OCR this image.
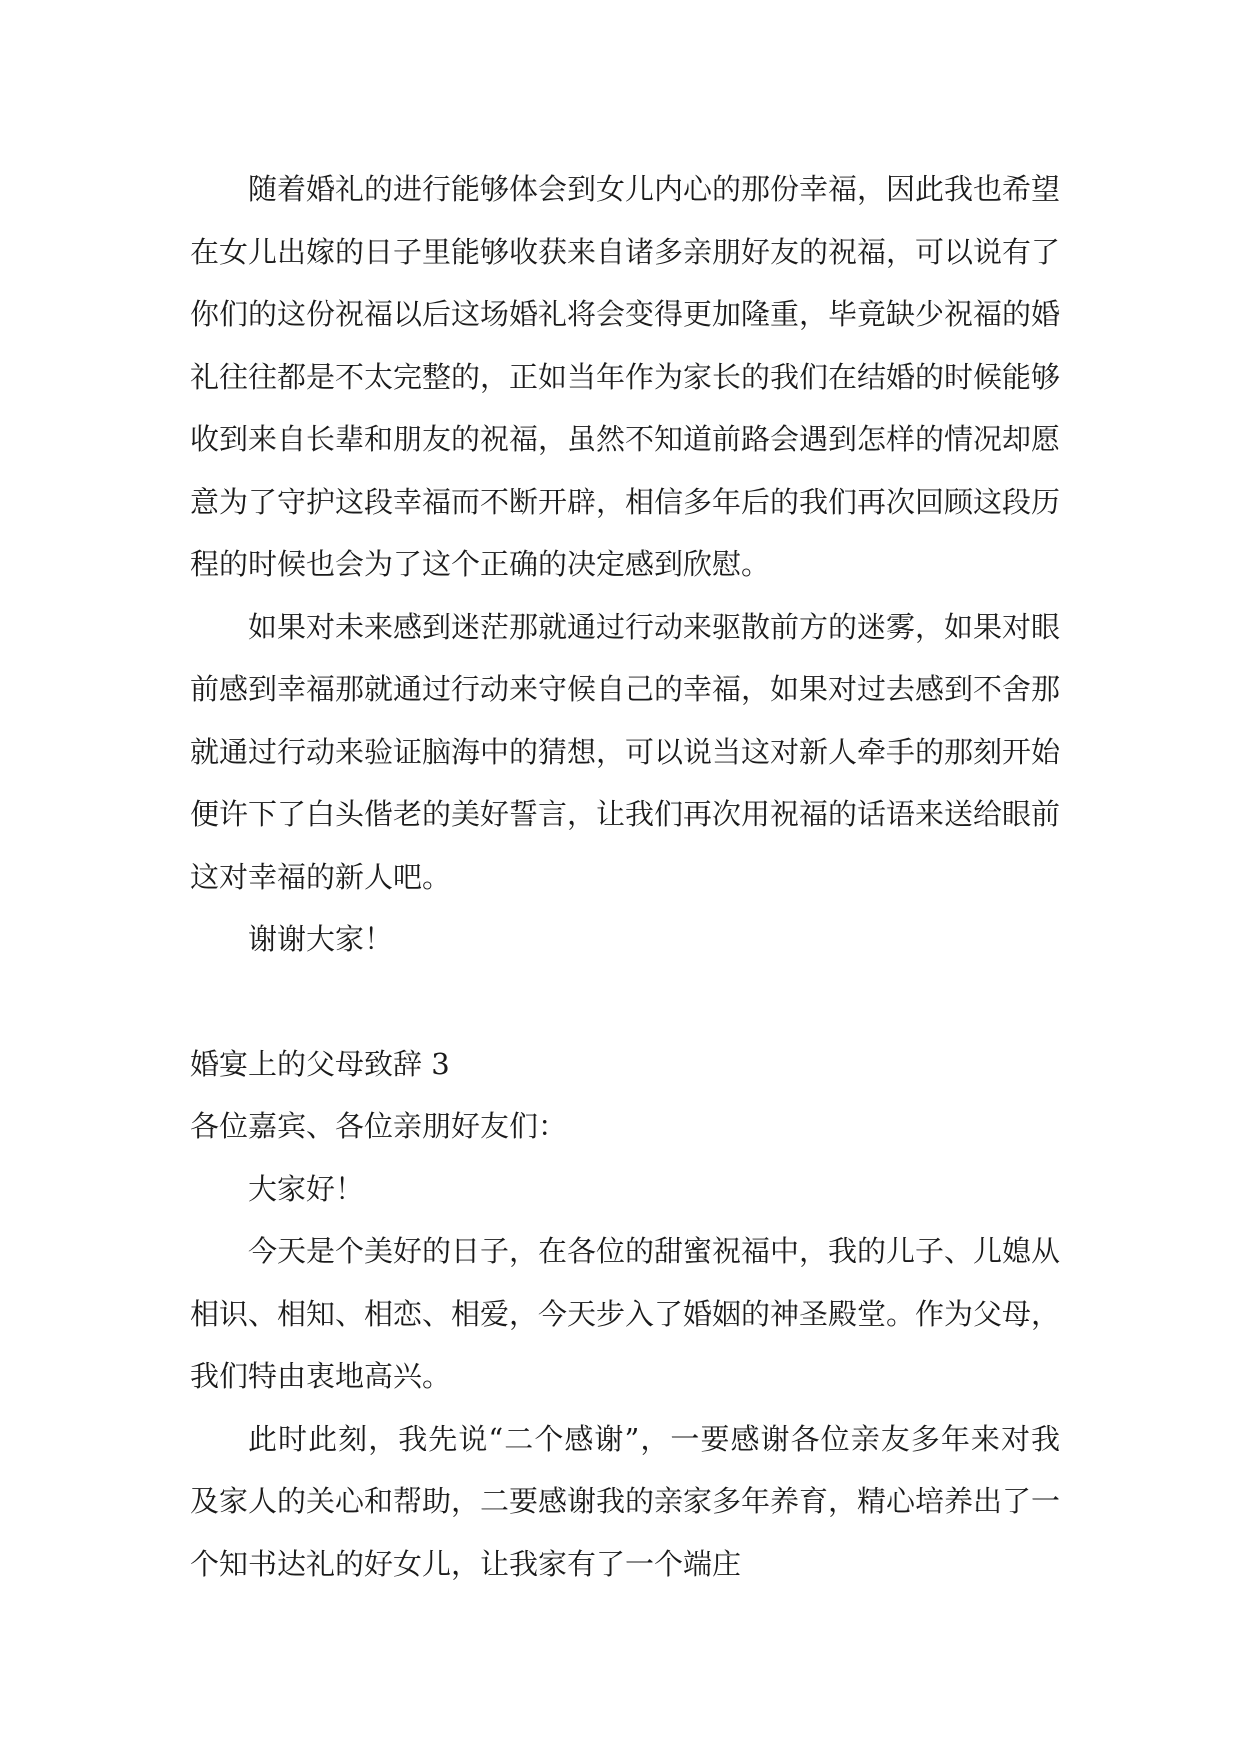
随着婚礼的进行能够体会到女儿内心的那份幸福，因此我也希望在女儿出嫁的日子里能够收获来自诸多亲朋好友的祝福，可以说有了你们的这份祝福以后这场婚礼将会变得更加隆重，毕竟缺少祝福的婚礼往往都是不太完整的，正如当年作为家长的我们在结婚的时候能够收到来自长辈和朋友的祝福，虽然不知道前路会遇到怎样的情况却愿意为了守护这段幸福而不断开辟，相信多年后的我们再次回顾这段历程的时候也会为了这个正确的决定感到欣慰。

如果对未来感到迷茫那就通过行动来驱散前方的迷雾，如果对眼前感到幸福那就通过行动来守候自己的幸福，如果对过去感到不舍那就通过行动来验证脑海中的猜想，可以说当这对新人牵手的那刻开始便许下了白头偕老的美好誓言，让我们再次用祝福的话语来送给眼前这对幸福的新人吧。

谢谢大家！

婚宴上的父母致辞 3

各位嘉宾、各位亲朋好友们：

大家好！

今天是个美好的日子，在各位的甜蜜祝福中，我的儿子、儿媳从相识、相知、相恋、相爱，今天步入了婚姻的神圣殿堂。作为父母，我们特由衷地高兴。

此时此刻，我先说“二个感谢”，一要感谢各位亲友多年来对我及家人的关心和帮助，二要感谢我的亲家多年养育，精心培养出了一个知书达礼的好女儿，让我家有了一个端庄
